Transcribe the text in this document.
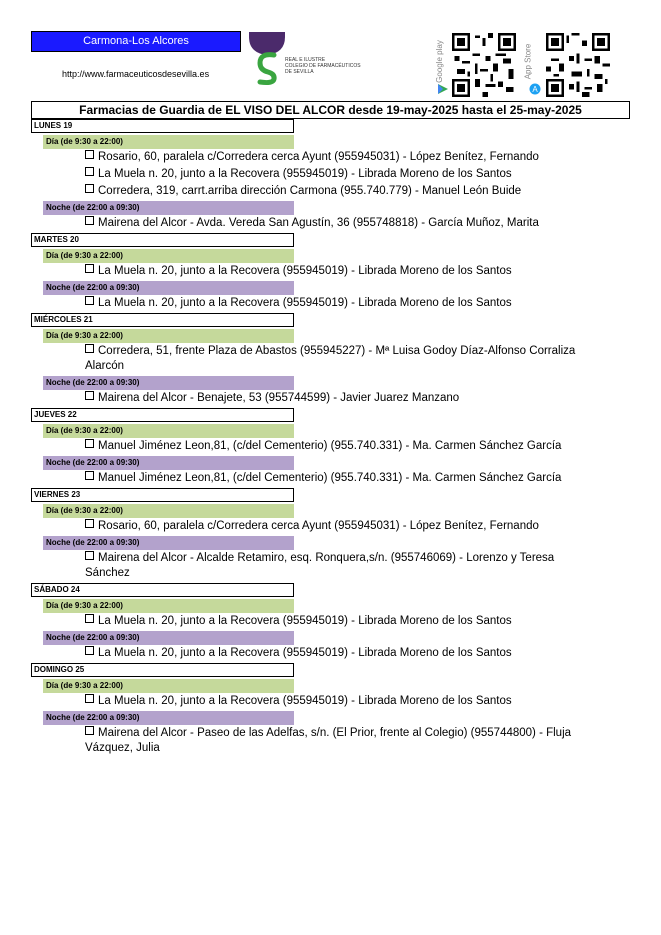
Carmona-Los Alcores
http://www.farmaceuticosdesevilla.es
REAL E ILUSTRE
COLEGIO DE FARMACÉUTICOS
DE SEVILLA	Google play	App Store
A
Farmacias de Guardia de EL VISO DEL ALCOR desde 19-may-2025 hasta el 25-may-2025
LUNES 19
Día (de 9:30 a 22:00)
Rosario, 60, paralela c/Corredera cerca Ayunt (955945031) - López Benítez, Fernando
La Muela n. 20, junto a la Recovera (955945019) - Librada Moreno de los Santos
Corredera, 319, carrt.arriba dirección Carmona (955.740.779) - Manuel León Buide
Noche (de 22:00 a 09:30)
Mairena del Alcor - Avda. Vereda San Agustín, 36 (955748818) - García Muñoz, Marita
MARTES 20
Día (de 9:30 a 22:00)
La Muela n. 20, junto a la Recovera (955945019) - Librada Moreno de los Santos
Noche (de 22:00 a 09:30)
La Muela n. 20, junto a la Recovera (955945019) - Librada Moreno de los Santos
MIÉRCOLES 21
Día (de 9:30 a 22:00)
Corredera, 51, frente Plaza de Abastos (955945227) - Mª Luisa Godoy Díaz-Alfonso Corraliza Alarcón
Noche (de 22:00 a 09:30)
Mairena del Alcor - Benajete, 53 (955744599) - Javier Juarez Manzano
JUEVES 22
Día (de 9:30 a 22:00)
Manuel Jiménez Leon,81, (c/del Cementerio) (955.740.331) - Ma. Carmen Sánchez García
Noche (de 22:00 a 09:30)
Manuel Jiménez Leon,81, (c/del Cementerio) (955.740.331) - Ma. Carmen Sánchez García
VIERNES 23
Día (de 9:30 a 22:00)
Rosario, 60, paralela c/Corredera cerca Ayunt (955945031) - López Benítez, Fernando
Noche (de 22:00 a 09:30)
Mairena del Alcor - Alcalde Retamiro, esq. Ronquera,s/n. (955746069) - Lorenzo y Teresa Sánchez
SÁBADO 24
Día (de 9:30 a 22:00)
La Muela n. 20, junto a la Recovera (955945019) - Librada Moreno de los Santos
Noche (de 22:00 a 09:30)
La Muela n. 20, junto a la Recovera (955945019) - Librada Moreno de los Santos
DOMINGO 25
Día (de 9:30 a 22:00)
La Muela n. 20, junto a la Recovera (955945019) - Librada Moreno de los Santos
Noche (de 22:00 a 09:30)
Mairena del Alcor - Paseo de las Adelfas, s/n. (El Prior, frente al Colegio) (955744800) - Fluja Vázquez, Julia
